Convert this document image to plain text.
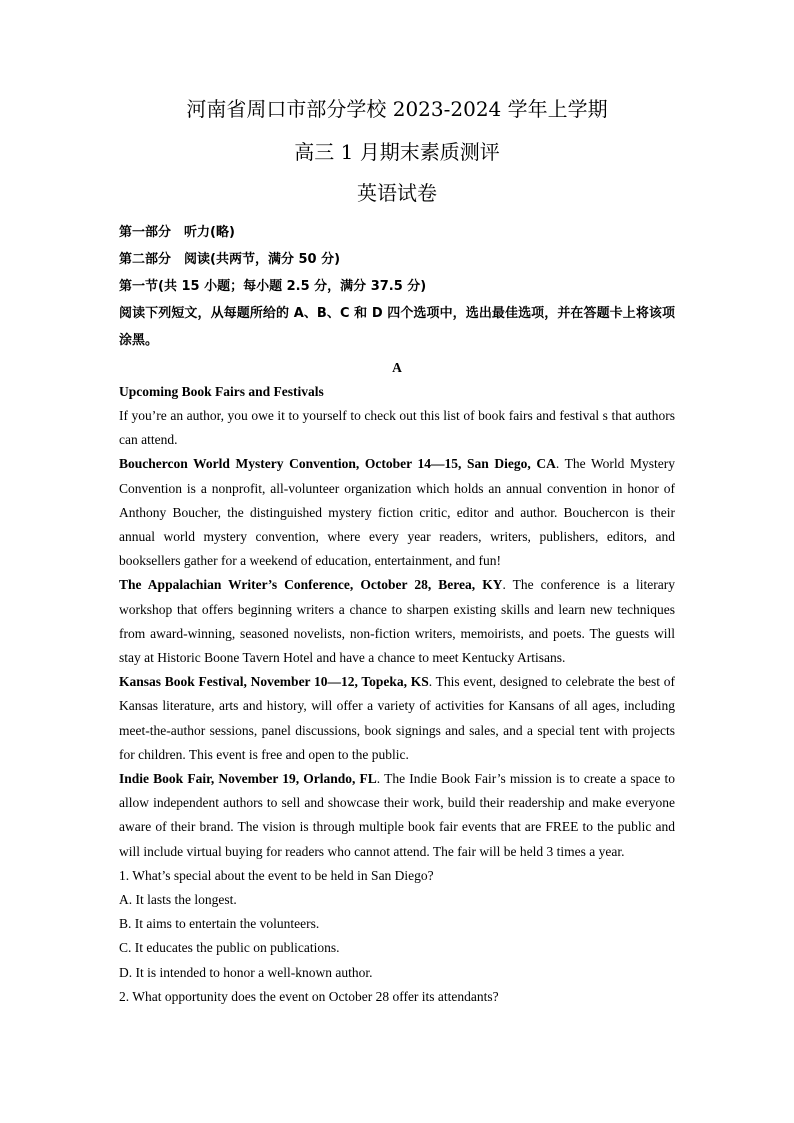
河南省周口市部分学校 2023-2024 学年上学期
高三 1 月期末素质测评
英语试卷

第一部分　听力(略)

第二部分　阅读(共两节，满分 50 分)

第一节(共 15 小题；每小题 2.5 分，满分 37.5 分)

阅读下列短文，从每题所给的 A、B、C 和 D 四个选项中，选出最佳选项，并在答题卡上将该项涂黑。

A

Upcoming Book Fairs and Festivals

If you’re an author, you owe it to yourself to check out this list of book fairs and festival s that authors can attend.

Bouchercon World Mystery Convention, October 14—15, San Diego, CA. The World Mystery Convention is a nonprofit, all-volunteer organization which holds an annual convention in honor of Anthony Boucher, the distinguished mystery fiction critic, editor and author. Bouchercon is their annual world mystery convention, where every year readers, writers, publishers, editors, and booksellers gather for a weekend of education, entertainment, and fun!

The Appalachian Writer’s Conference, October 28, Berea, KY. The conference is a literary workshop that offers beginning writers a chance to sharpen existing skills and learn new techniques from award-winning, seasoned novelists, non-fiction writers, memoirists, and poets. The guests will stay at Historic Boone Tavern Hotel and have a chance to meet Kentucky Artisans.

Kansas Book Festival, November 10—12, Topeka, KS. This event, designed to celebrate the best of Kansas literature, arts and history, will offer a variety of activities for Kansans of all ages, including meet-the-author sessions, panel discussions, book signings and sales, and a special tent with projects for children. This event is free and open to the public.

Indie Book Fair, November 19, Orlando, FL. The Indie Book Fair’s mission is to create a space to allow independent authors to sell and showcase their work, build their readership and make everyone aware of their brand. The vision is through multiple book fair events that are FREE to the public and will include virtual buying for readers who cannot attend. The fair will be held 3 times a year.

1. What’s special about the event to be held in San Diego?

A. It lasts the longest.

B. It aims to entertain the volunteers.

C. It educates the public on publications.

D. It is intended to honor a well-known author.

2. What opportunity does the event on October 28 offer its attendants?
